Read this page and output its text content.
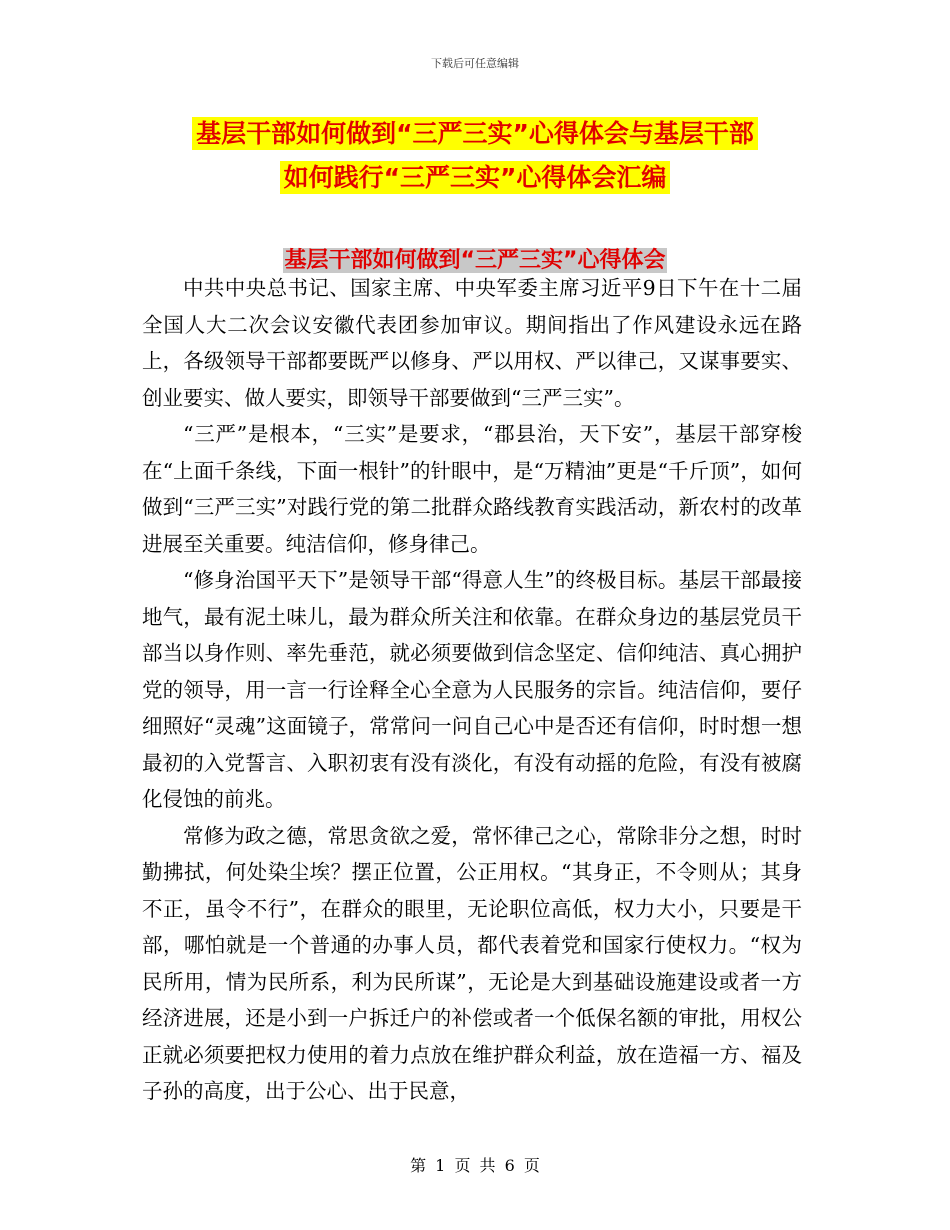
下载后可任意编辑
基层干部如何做到“三严三实”心得体会与基层干部
如何践行“三严三实”心得体会汇编
基层干部如何做到“三严三实”心得体会

中共中央总书记、国家主席、中央军委主席习近平9日下午在十二届全国人大二次会议安徽代表团参加审议。期间指出了作风建设永远在路上，各级领导干部都要既严以修身、严以用权、严以律己，又谋事要实、创业要实、做人要实，即领导干部要做到“三严三实”。

“三严”是根本，“三实”是要求，“郡县治，天下安”，基层干部穿梭在“上面千条线，下面一根针”的针眼中，是“万精油”更是“千斤顶”，如何做到“三严三实”对践行党的第二批群众路线教育实践活动，新农村的改革进展至关重要。纯洁信仰，修身律己。

“修身治国平天下”是领导干部“得意人生”的终极目标。基层干部最接地气，最有泥土味儿，最为群众所关注和依靠。在群众身边的基层党员干部当以身作则、率先垂范，就必须要做到信念坚定、信仰纯洁、真心拥护党的领导，用一言一行诠释全心全意为人民服务的宗旨。纯洁信仰，要仔细照好“灵魂”这面镜子，常常问一问自己心中是否还有信仰，时时想一想最初的入党誓言、入职初衷有没有淡化，有没有动摇的危险，有没有被腐化侵蚀的前兆。

常修为政之德，常思贪欲之爱，常怀律己之心，常除非分之想，时时勤拂拭，何处染尘埃？摆正位置，公正用权。“其身正，不令则从；其身不正，虽令不行”，在群众的眼里，无论职位高低，权力大小，只要是干部，哪怕就是一个普通的办事人员，都代表着党和国家行使权力。“权为民所用，情为民所系，利为民所谋”，无论是大到基础设施建设或者一方经济进展，还是小到一户拆迁户的补偿或者一个低保名额的审批，用权公正就必须要把权力使用的着力点放在维护群众利益，放在造福一方、福及子孙的高度，出于公心、出于民意，

第 1 页 共 6 页
